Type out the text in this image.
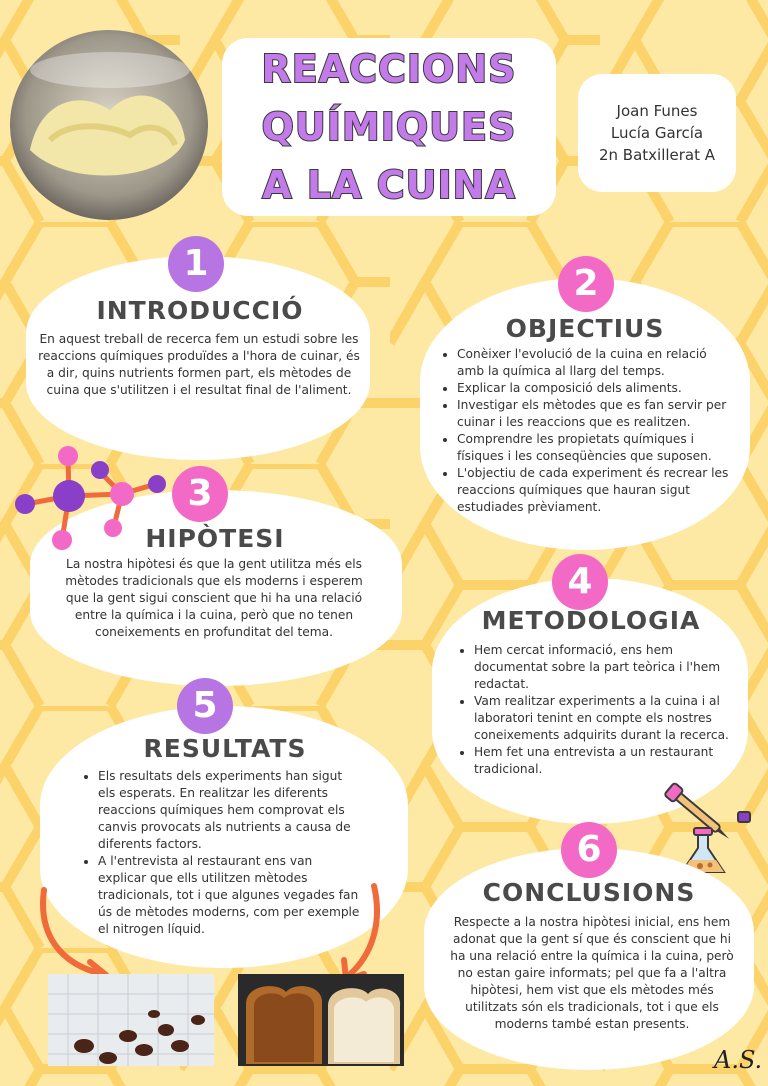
REACCIONS
QUÍMIQUES
A LA CUINA
Joan Funes
Lucía García
2n Batxillerat A
1
INTRODUCCIÓ
En aquest treball de recerca fem un estudi sobre les reaccions químiques produïdes a l'hora de cuinar, és a dir, quins nutrients formen part, els mètodes de cuina que s'utilitzen i el resultat final de l'aliment.
2
OBJECTIUS
• Conèixer l'evolució de la cuina en relació amb la química al llarg del temps.
• Explicar la composició dels aliments.
• Investigar els mètodes que es fan servir per cuinar i les reaccions que es realitzen.
• Comprendre les propietats químiques i físiques i les conseqüències que suposen.
• L'objectiu de cada experiment és recrear les reaccions químiques que hauran sigut estudiades prèviament.
3
HIPÒTESI
La nostra hipòtesi és que la gent utilitza més els mètodes tradicionals que els moderns i esperem que la gent sigui conscient que hi ha una relació entre la química i la cuina, però que no tenen coneixements en profunditat del tema.
4
METODOLOGIA
• Hem cercat informació, ens hem documentat sobre la part teòrica i l'hem redactat.
• Vam realitzar experiments a la cuina i al laboratori tenint en compte els nostres coneixements adquirits durant la recerca.
• Hem fet una entrevista a un restaurant tradicional.
5
RESULTATS
• Els resultats dels experiments han sigut els esperats. En realitzar les diferents reaccions químiques hem comprovat els canvis provocats als nutrients a causa de diferents factors.
• A l'entrevista al restaurant ens van explicar que ells utilitzen mètodes tradicionals, tot i que algunes vegades fan ús de mètodes moderns, com per exemple el nitrogen líquid.
6
CONCLUSIONS
Respecte a la nostra hipòtesi inicial, ens hem adonat que la gent sí que és conscient que hi ha una relació entre la química i la cuina, però no estan gaire informats; pel que fa a l'altra hipòtesi, hem vist que els mètodes més utilitzats són els tradicionals, tot i que els moderns també estan presents.
A.S.
